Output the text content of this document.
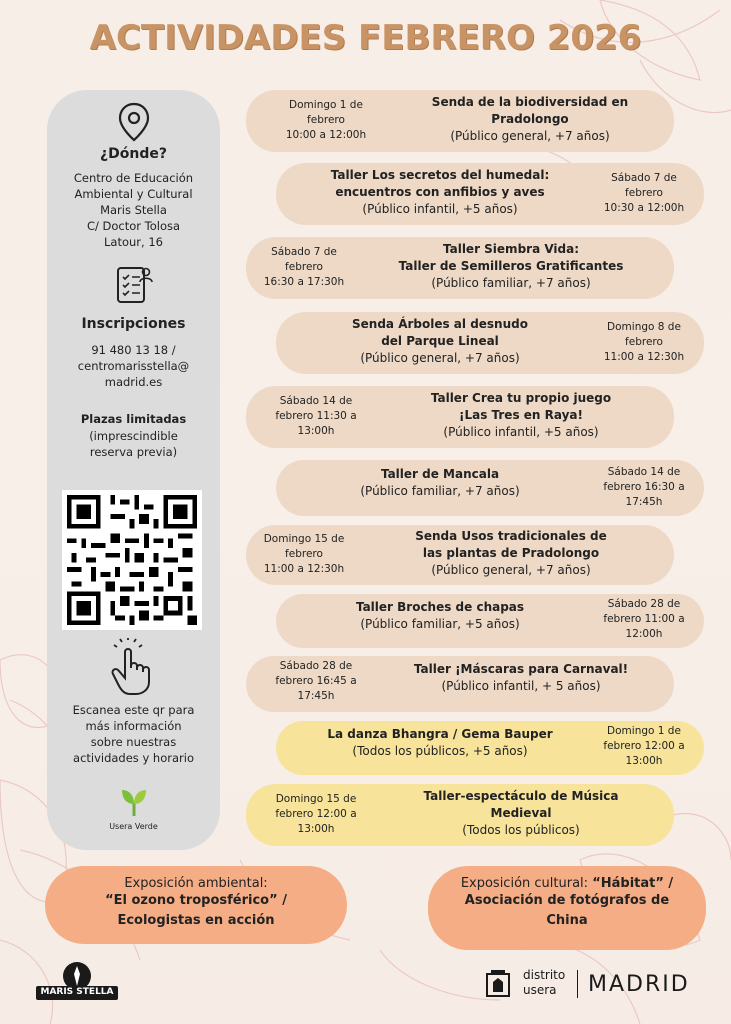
ACTIVIDADES FEBRERO 2026
¿Dónde?
Centro de Educación
Ambiental y Cultural
Maris Stella
C/ Doctor Tolosa
Latour, 16
Inscripciones
91 480 13 18 /
centromarisstella@
madrid.es
Plazas limitadas
(imprescindible
reserva previa)
Escanea este qr para
más información
sobre nuestras
actividades y horario
Usera Verde
Domingo 1 de
febrero
10:00 a 12:00h
Senda de la biodiversidad en
Pradolongo
(Público general, +7 años)
Taller Los secretos del humedal:
encuentros con anfibios y aves
(Público infantil, +5 años)
Sábado 7 de
febrero
10:30 a 12:00h
Sábado 7 de
febrero
16:30 a 17:30h
Taller Siembra Vida:
Taller de Semilleros Gratificantes
(Público familiar, +7 años)
Senda Árboles al desnudo
del Parque Lineal
(Público general, +7 años)
Domingo 8 de
febrero
11:00 a 12:30h
Sábado 14 de
febrero 11:30 a
13:00h
Taller Crea tu propio juego
¡Las Tres en Raya!
(Público infantil, +5 años)
Taller de Mancala
(Público familiar, +7 años)
Sábado 14 de
febrero 16:30 a
17:45h
Domingo 15 de
febrero
11:00 a 12:30h
Senda Usos tradicionales de
las plantas de Pradolongo
(Público general, +7 años)
Taller Broches de chapas
(Público familiar, +5 años)
Sábado 28 de
febrero 11:00 a
12:00h
Sábado 28 de
febrero 16:45 a
17:45h
Taller ¡Máscaras para Carnaval!
(Público infantil, + 5 años)
La danza Bhangra / Gema Bauper
(Todos los públicos, +5 años)
Domingo 1 de
febrero 12:00 a
13:00h
Domingo 15 de
febrero 12:00 a
13:00h
Taller-espectáculo de Música
Medieval
(Todos los públicos)
Exposición ambiental:
“El ozono troposférico” /
Ecologistas en acción
Exposición cultural: “Hábitat” /
Asociación de fotógrafos de
China
MARIS STELLA
distrito
usera	MADRID
